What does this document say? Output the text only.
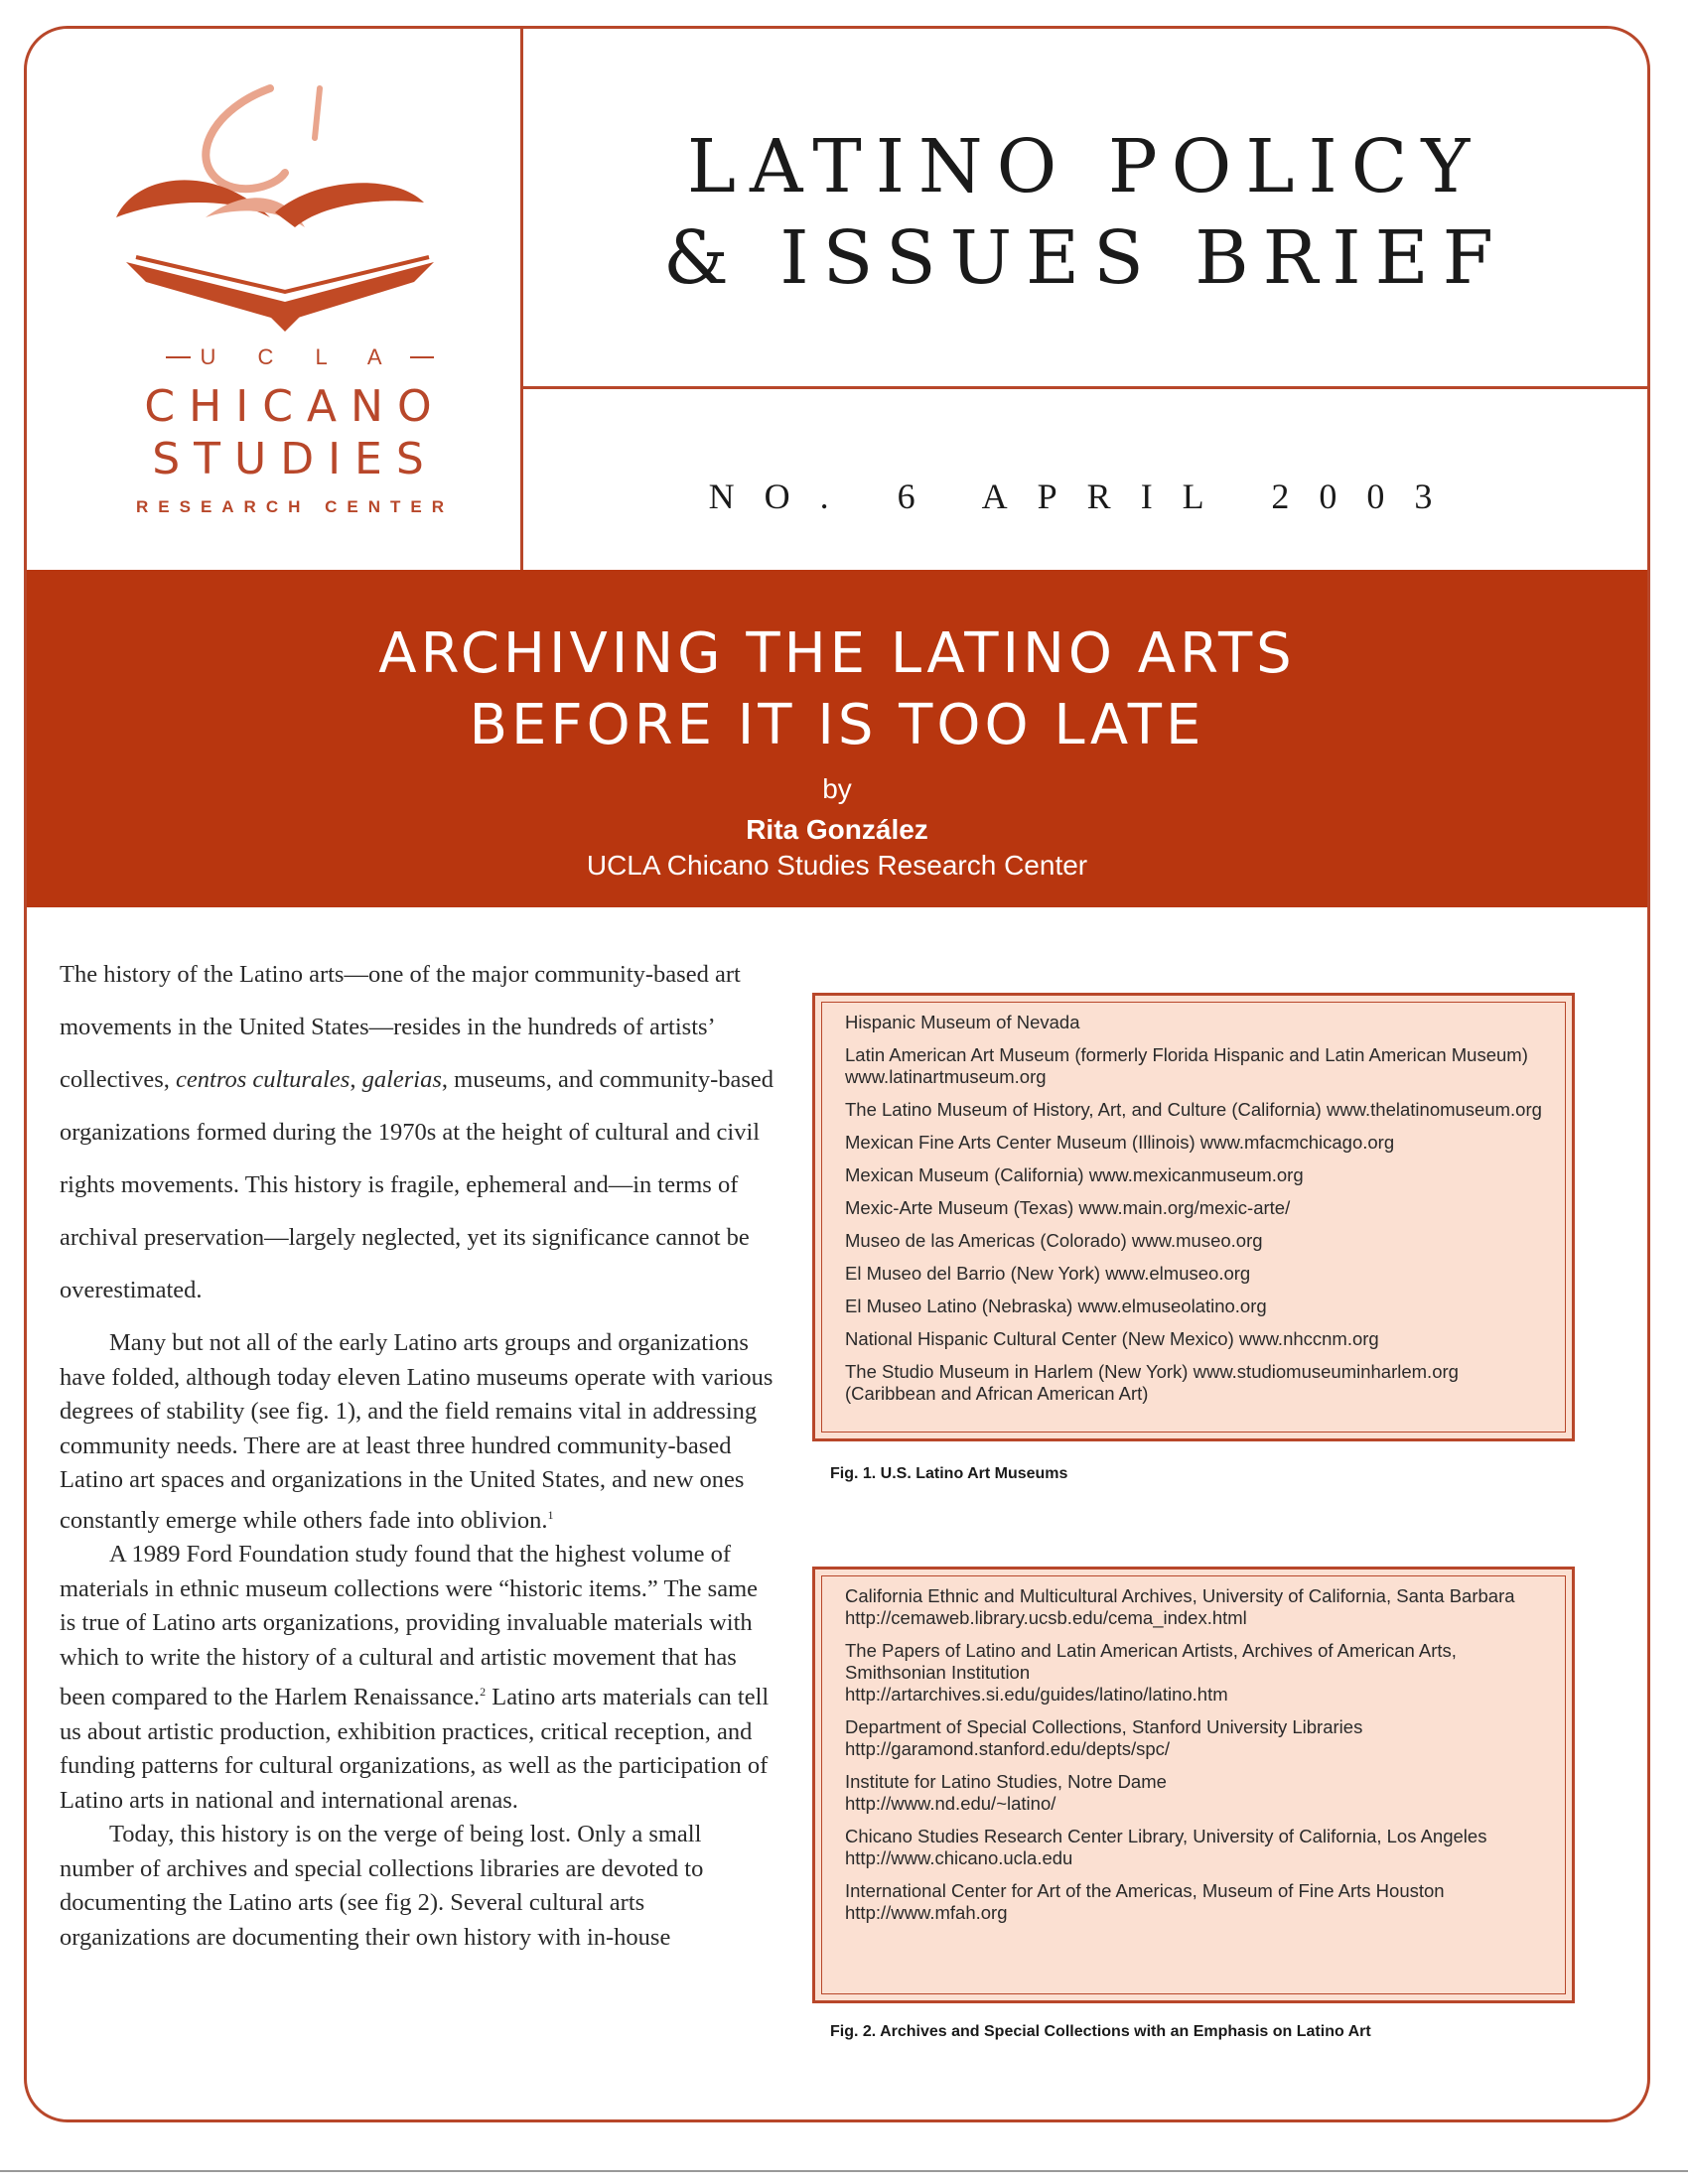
U C L A
CHICANO
STUDIES
RESEARCH CENTER
LATINO POLICY
& ISSUES BRIEF
NO. 6 APRIL 2003
ARCHIVING THE LATINO ARTS
BEFORE IT IS TOO LATE
by
Rita González
UCLA Chicano Studies Research Center

The history of the Latino arts—one of the major community-based art movements in the United States—resides in the hundreds of artists’ collectives, centros culturales, galerias, museums, and community-based organizations formed during the 1970s at the height of cultural and civil rights movements. This history is fragile, ephemeral and—in terms of archival preservation—largely neglected, yet its significance cannot be overestimated.

Many but not all of the early Latino arts groups and organizations have folded, although today eleven Latino museums operate with various degrees of stability (see fig. 1), and the field remains vital in addressing community needs. There are at least three hundred community-based Latino art spaces and organizations in the United States, and new ones constantly emerge while others fade into oblivion.$^1$

A 1989 Ford Foundation study found that the highest volume of materials in ethnic museum collections were “historic items.” The same is true of Latino arts organizations, providing invaluable materials with which to write the history of a cultural and artistic movement that has been compared to the Harlem Renaissance.$^2$ Latino arts materials can tell us about artistic production, exhibition practices, critical reception, and funding patterns for cultural organizations, as well as the participation of Latino arts in national and international arenas.

Today, this history is on the verge of being lost. Only a small number of archives and special collections libraries are devoted to documenting the Latino arts (see fig 2). Several cultural arts organizations are documenting their own history with in-house

Hispanic Museum of Nevada
Latin American Art Museum (formerly Florida Hispanic and Latin American Museum) www.latinartmuseum.org
The Latino Museum of History, Art, and Culture (California) www.thelatinomuseum.org
Mexican Fine Arts Center Museum (Illinois) www.mfacmchicago.org
Mexican Museum (California) www.mexicanmuseum.org
Mexic-Arte Museum (Texas) www.main.org/mexic-arte/
Museo de las Americas (Colorado) www.museo.org
El Museo del Barrio (New York) www.elmuseo.org
El Museo Latino (Nebraska) www.elmuseolatino.org
National Hispanic Cultural Center (New Mexico) www.nhccnm.org
The Studio Museum in Harlem (New York) www.studiomuseuminharlem.org (Caribbean and African American Art)
Fig. 1. U.S. Latino Art Museums
California Ethnic and Multicultural Archives, University of California, Santa Barbara
http://cemaweb.library.ucsb.edu/cema_index.html
The Papers of Latino and Latin American Artists, Archives of American Arts, Smithsonian Institution
http://artarchives.si.edu/guides/latino/latino.htm
Department of Special Collections, Stanford University Libraries
http://garamond.stanford.edu/depts/spc/
Institute for Latino Studies, Notre Dame
http://www.nd.edu/~latino/
Chicano Studies Research Center Library, University of California, Los Angeles
http://www.chicano.ucla.edu
International Center for Art of the Americas, Museum of Fine Arts Houston
http://www.mfah.org
Fig. 2. Archives and Special Collections with an Emphasis on Latino Art
